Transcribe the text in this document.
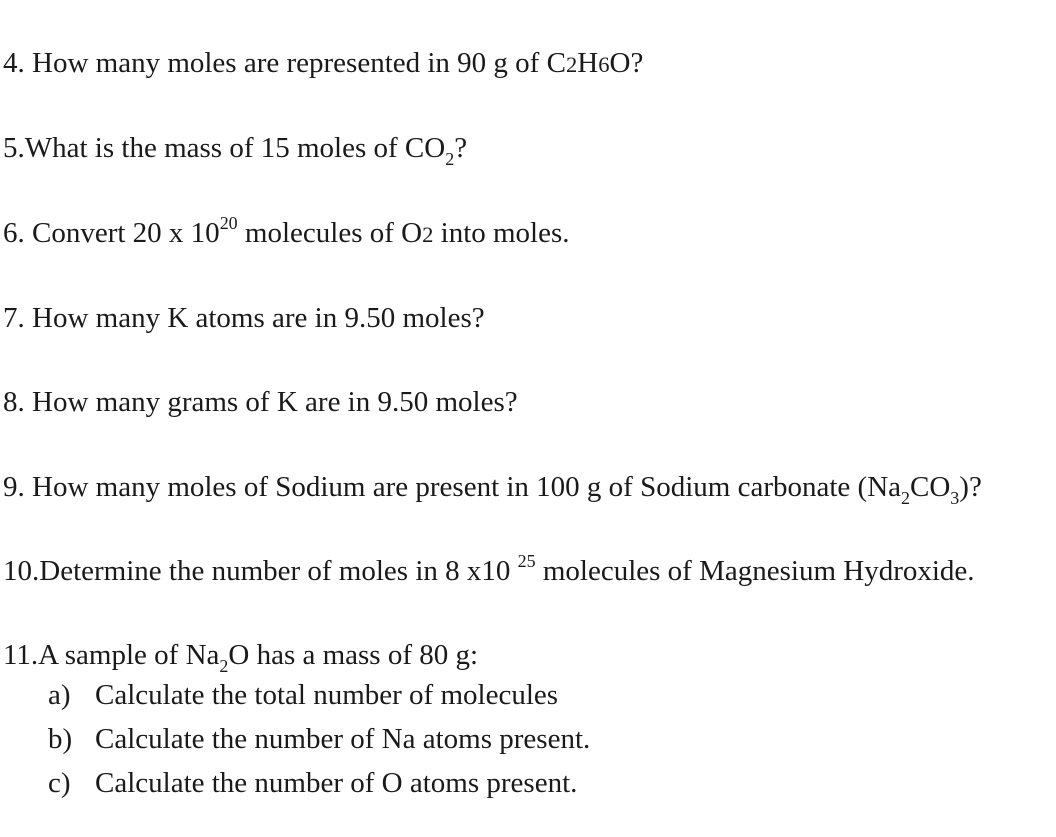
4. How many moles are represented in 90 g of C2H6O?

5.What is the mass of 15 moles of $CO_2$?

6. Convert 20 x $10^{20}$ molecules of O2 into moles.

7. How many K atoms are in 9.50 moles?

8. How many grams of K are in 9.50 moles?

9. How many moles of Sodium are present in 100 g of Sodium carbonate $(Na_2CO_3)$?

10.Determine the number of moles in 8 x10 $^{25}$ molecules of Magnesium Hydroxide.

11.A sample of $Na_2O$ has a mass of 80 g:

a) Calculate the total number of molecules
b) Calculate the number of Na atoms present.
c) Calculate the number of O atoms present.
